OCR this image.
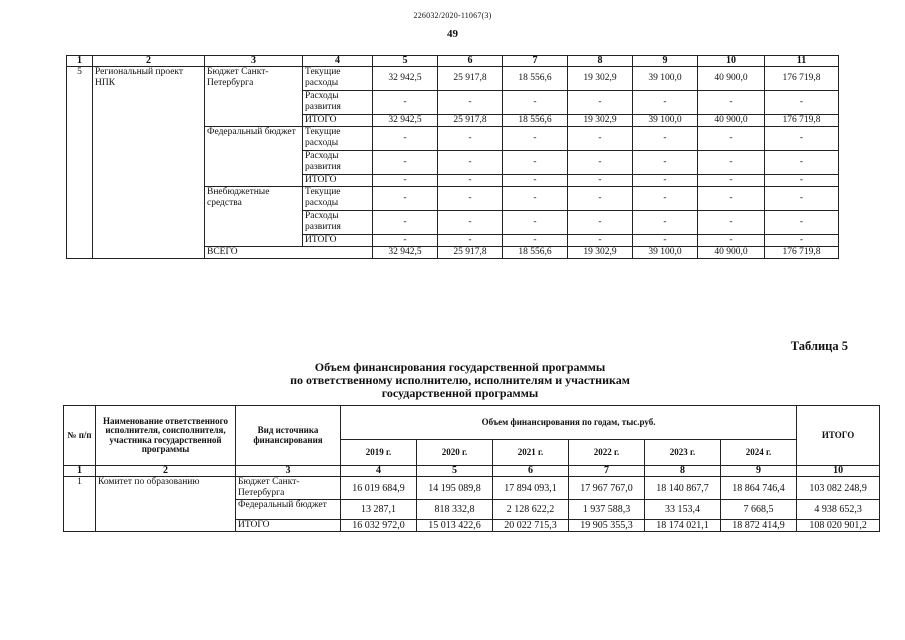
226032/2020-11067(3)
49
1	2	3	4	5	6	7	8	9	10	11
5	Региональный проект НПК	Бюджет Санкт-Петербурга	Текущие расходы	32 942,5	25 917,8	18 556,6	19 302,9	39 100,0	40 900,0	176 719,8
			Расходы развития	-	-	-	-	-	-	-
			ИТОГО	32 942,5	25 917,8	18 556,6	19 302,9	39 100,0	40 900,0	176 719,8
		Федеральный бюджет	Текущие расходы	-	-	-	-	-	-	-
			Расходы развития	-	-	-	-	-	-	-
			ИТОГО	-	-	-	-	-	-	-
		Внебюджетные средства	Текущие расходы	-	-	-	-	-	-	-
			Расходы развития	-	-	-	-	-	-	-
			ИТОГО	-	-	-	-	-	-	-
		ВСЕГО		32 942,5	25 917,8	18 556,6	19 302,9	39 100,0	40 900,0	176 719,8
Таблица 5
Объем финансирования государственной программы
по ответственному исполнителю, исполнителям и участникам
государственной программы
№ п/п	Наименование ответственного исполнителя, соисполнителя, участника государственной программы	Вид источника финансирования	Объем финансирования по годам, тыс.руб.						ИТОГО
			2019 г.	2020 г.	2021 г.	2022 г.	2023 г.	2024 г.	
1	2	3	4	5	6	7	8	9	10
1	Комитет по образованию	Бюджет Санкт-Петербурга	16 019 684,9	14 195 089,8	17 894 093,1	17 967 767,0	18 140 867,7	18 864 746,4	103 082 248,9
		Федеральный бюджет	13 287,1	818 332,8	2 128 622,2	1 937 588,3	33 153,4	7 668,5	4 938 652,3
		ИТОГО	16 032 972,0	15 013 422,6	20 022 715,3	19 905 355,3	18 174 021,1	18 872 414,9	108 020 901,2
